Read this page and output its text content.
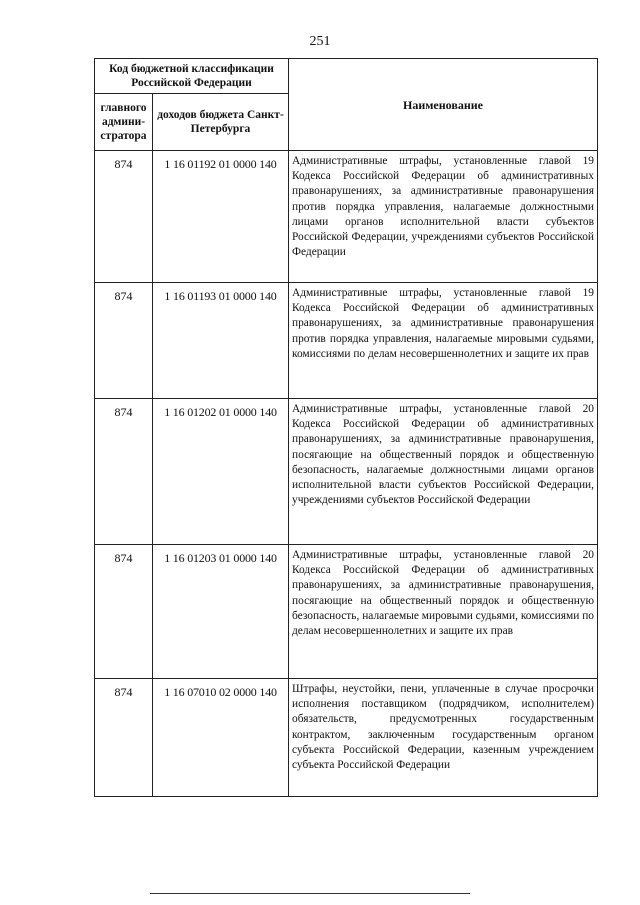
251
Код бюджетной классификации Российской Федерации		Наименование
главного админи-стратора	доходов бюджета Санкт-Петербурга	
874	1 16 01192 01 0000 140	Административные штрафы, установленные главой 19 Кодекса Российской Федерации об административных правонарушениях, за административные правонарушения против порядка управления, налагаемые должностными лицами органов исполнительной власти субъектов Российской Федерации, учреждениями субъектов Российской Федерации
874	1 16 01193 01 0000 140	Административные штрафы, установленные главой 19 Кодекса Российской Федерации об административных правонарушениях, за административные правонарушения против порядка управления, налагаемые мировыми судьями, комиссиями по делам несовершеннолетних и защите их прав
874	1 16 01202 01 0000 140	Административные штрафы, установленные главой 20 Кодекса Российской Федерации об административных правонарушениях, за административные правонарушения, посягающие на общественный порядок и общественную безопасность, налагаемые должностными лицами органов исполнительной власти субъектов Российской Федерации, учреждениями субъектов Российской Федерации
874	1 16 01203 01 0000 140	Административные штрафы, установленные главой 20 Кодекса Российской Федерации об административных правонарушениях, за административные правонарушения, посягающие на общественный порядок и общественную безопасность, налагаемые мировыми судьями, комиссиями по делам несовершеннолетних и защите их прав
874	1 16 07010 02 0000 140	Штрафы, неустойки, пени, уплаченные в случае просрочки исполнения поставщиком (подрядчиком, исполнителем) обязательств, предусмотренных государственным контрактом, заключенным государственным органом субъекта Российской Федерации, казенным учреждением субъекта Российской Федерации
